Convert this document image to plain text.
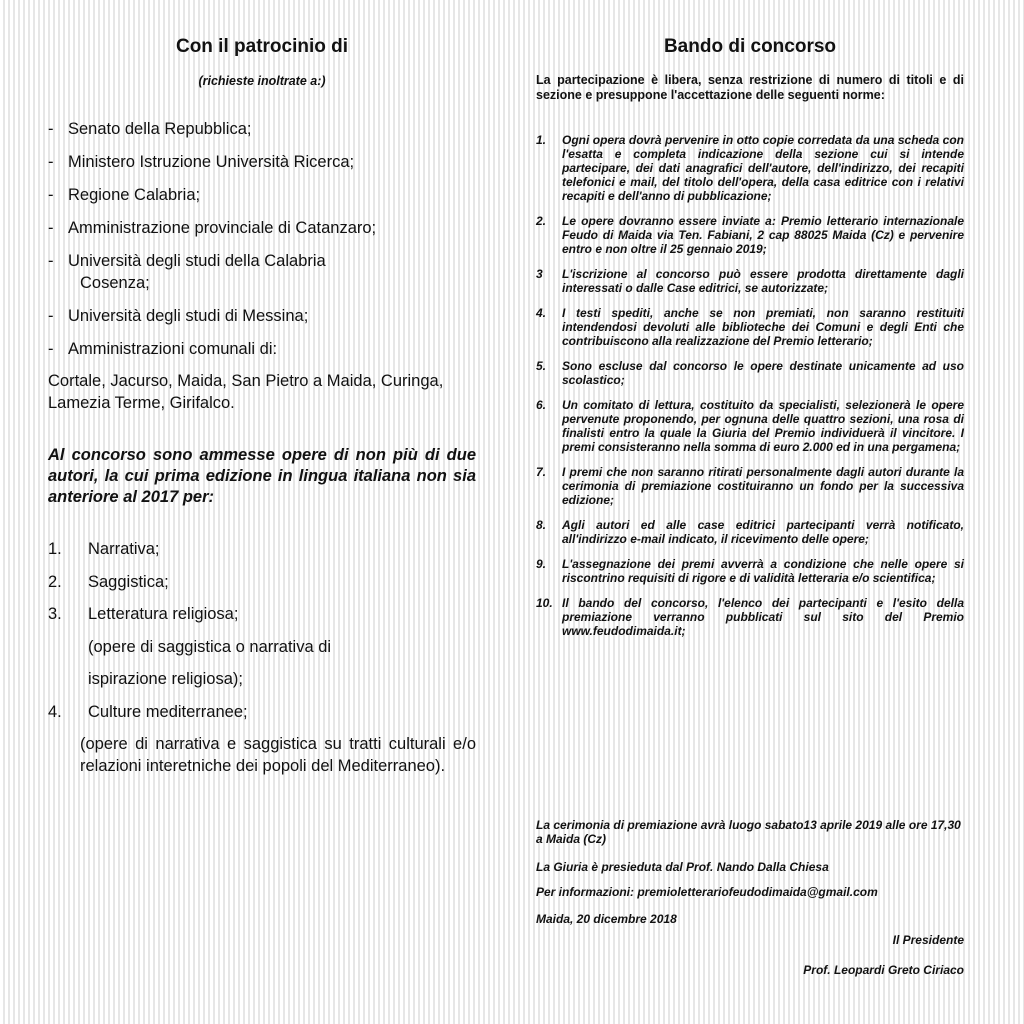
Con il patrocinio di
(richieste inoltrate a:)
- Senato della Repubblica;
- Ministero Istruzione Università Ricerca;
- Regione Calabria;
- Amministrazione provinciale di Catanzaro;
- Università degli studi della Calabria
Cosenza;
- Università degli studi di Messina;
- Amministrazioni comunali di:
Cortale, Jacurso, Maida, San Pietro a Maida, Curinga, Lamezia Terme, Girifalco.
Al concorso sono ammesse opere di non più di due autori, la cui prima edizione in lingua italiana non sia anteriore al 2017 per:
1. Narrativa;
2. Saggistica;
3. Letteratura religiosa;
(opere di saggistica o narrativa di
ispirazione religiosa);
4. Culture mediterranee;
(opere di narrativa e saggistica su tratti culturali e/o relazioni interetniche dei popoli del Mediterraneo).
Bando di concorso
La partecipazione è libera, senza restrizione di numero di titoli e di sezione e presuppone l'accettazione delle seguenti norme:
1.	Ogni opera dovrà pervenire in otto copie corredata da una scheda con l'esatta e completa indicazione della sezione cui si intende partecipare, dei dati anagrafici dell'autore, dell'indirizzo, dei recapiti telefonici e mail, del titolo dell'opera, della casa editrice con i relativi recapiti e dell'anno di pubblicazione;
2.	Le opere dovranno essere inviate a: Premio letterario internazionale Feudo di Maida via Ten. Fabiani, 2 cap 88025 Maida (Cz) e pervenire entro e non oltre il 25 gennaio 2019;
3	L'iscrizione al concorso può essere prodotta direttamente dagli interessati o dalle Case editrici, se autorizzate;
4.	I testi spediti, anche se non premiati, non saranno restituiti intendendosi devoluti alle biblioteche dei Comuni e degli Enti che contribuiscono alla realizzazione del Premio letterario;
5.	Sono escluse dal concorso le opere destinate unicamente ad uso scolastico;
6.	Un comitato di lettura, costituito da specialisti, selezionerà le opere pervenute proponendo, per ognuna delle quattro sezioni, una rosa di finalisti entro la quale la Giuria del Premio individuerà il vincitore. I premi consisteranno nella somma di euro 2.000 ed in una pergamena;
7.	I premi che non saranno ritirati personalmente dagli autori durante la cerimonia di premiazione costituiranno un fondo per la successiva edizione;
8.	Agli autori ed alle case editrici partecipanti verrà notificato, all'indirizzo e-mail indicato, il ricevimento delle opere;
9.	L'assegnazione dei premi avverrà a condizione che nelle opere si riscontrino requisiti di rigore e di validità letteraria e/o scientifica;
10. Il bando del concorso, l'elenco dei partecipanti e l'esito della premiazione verranno pubblicati sul sito del Premio www.feudodimaida.it;
La cerimonia di premiazione avrà luogo sabato13 aprile 2019 alle ore 17,30 a Maida (Cz)
La Giuria è presieduta dal Prof. Nando Dalla Chiesa
Per informazioni: premioletterariofeudodimaida@gmail.com
Maida, 20 dicembre 2018
Il Presidente
Prof. Leopardi Greto Ciriaco
